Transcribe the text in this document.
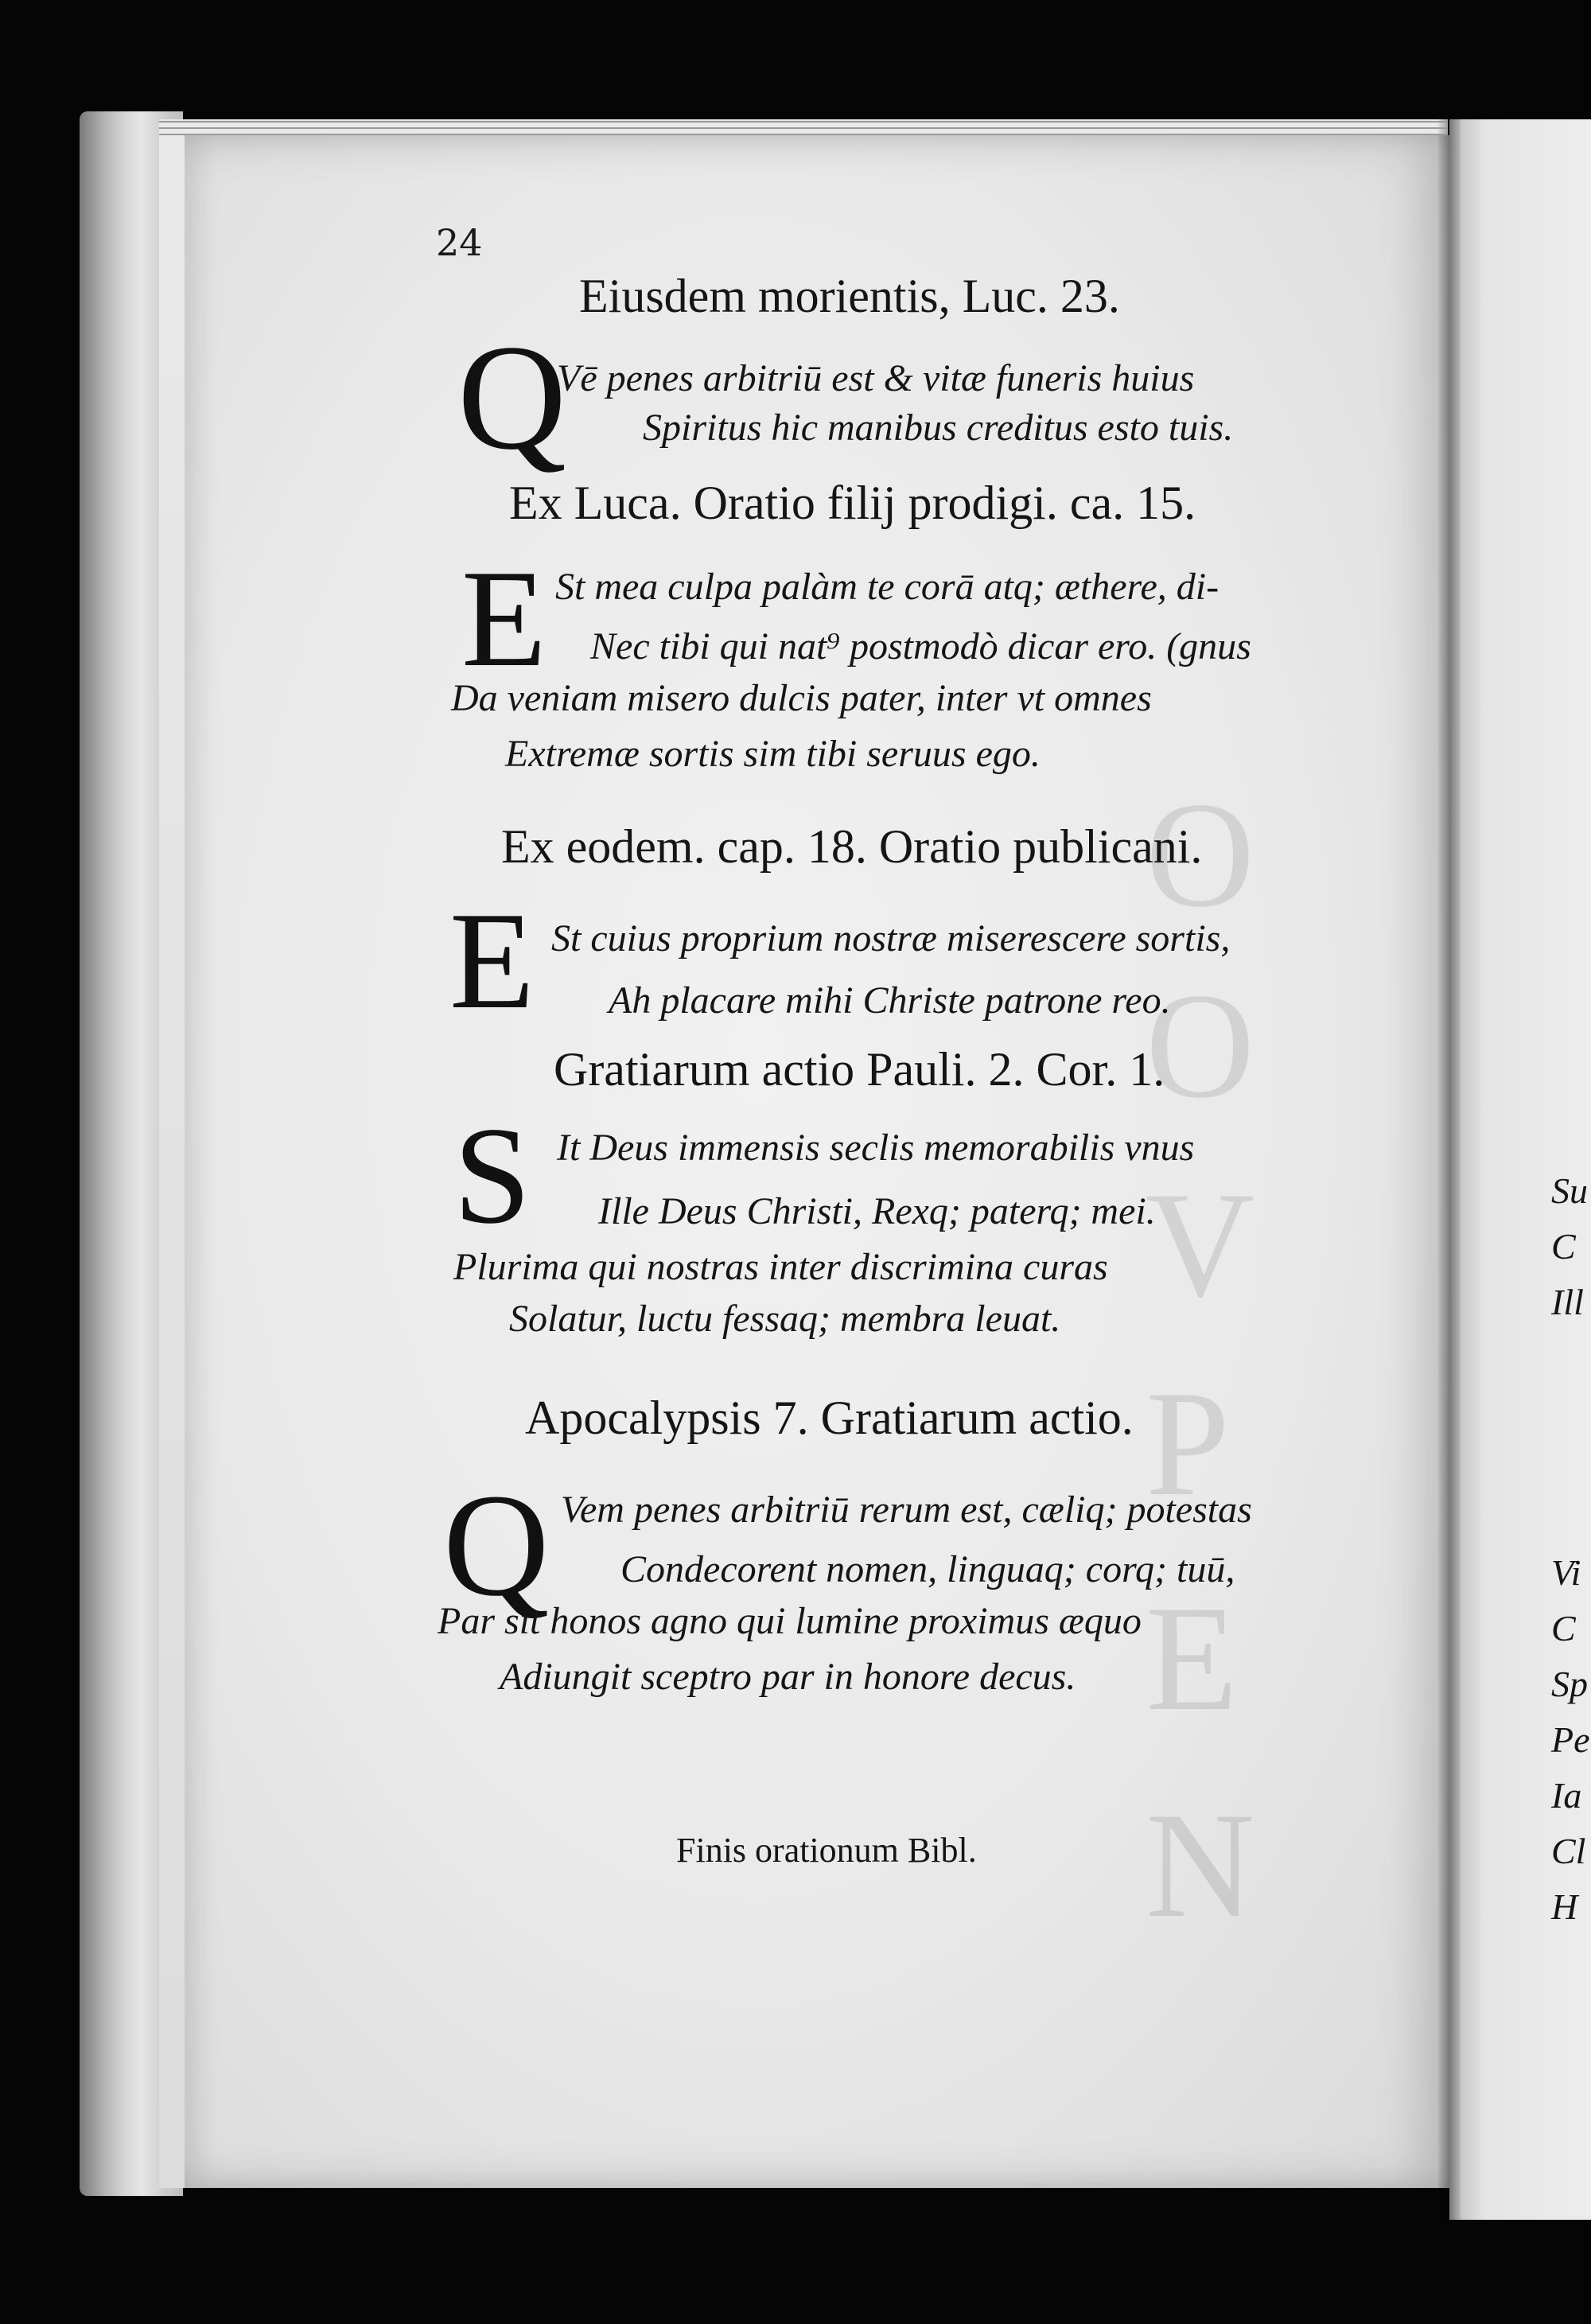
O
O
V
P
E
N
24
Eiusdem morientis, Luc. 23.
Q
Vē penes arbitriū est & vitæ funeris huius
Spiritus hic manibus creditus esto tuis.
Ex Luca. Oratio filij prodigi. ca. 15.
E St mea culpa palàm te corā atq; æthere, di-
Nec tibi qui nat⁹ postmodò dicar ero. (gnus
Da veniam misero dulcis pater, inter vt omnes
Extremæ sortis sim tibi seruus ego.
Ex eodem. cap. 18. Oratio publicani.
E St cuius proprium nostræ miserescere sortis,
Ah placare mihi Christe patrone reo.
Gratiarum actio Pauli. 2. Cor. 1.
S It Deus immensis seclis memorabilis vnus
Ille Deus Christi, Rexq; paterq; mei.
Plurima qui nostras inter discrimina curas
Solatur, luctu fessaq; membra leuat.
Apocalypsis 7. Gratiarum actio.
Q Vem penes arbitriū rerum est, cæliq; potestas
Condecorent nomen, linguaq; corq; tuū,
Par sit honos agno qui lumine proximus æquo
Adiungit sceptro par in honore decus.
Finis orationum Bibl.
Su
C
Ill
Vi
C
Sp
Pe
Ia
Cl
H
